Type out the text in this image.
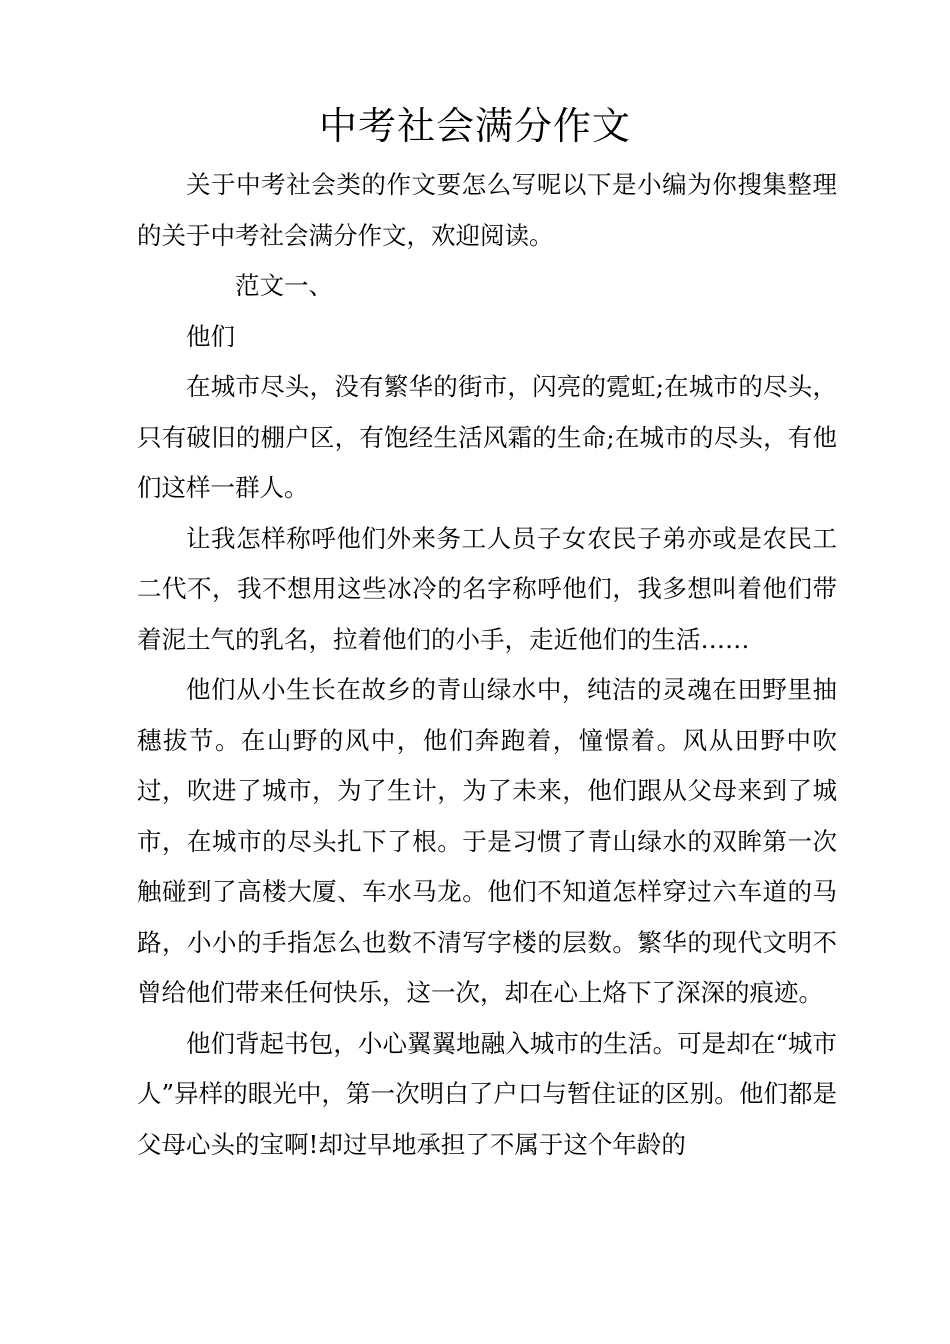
中考社会满分作文

关于中考社会类的作文要怎么写呢以下是小编为你搜集整理的关于中考社会满分作文，欢迎阅读。

范文一、

他们

在城市尽头，没有繁华的街市，闪亮的霓虹;在城市的尽头，只有破旧的棚户区，有饱经生活风霜的生命;在城市的尽头，有他们这样一群人。

让我怎样称呼他们外来务工人员子女农民子弟亦或是农民工二代不，我不想用这些冰冷的名字称呼他们，我多想叫着他们带着泥土气的乳名，拉着他们的小手，走近他们的生活……

他们从小生长在故乡的青山绿水中，纯洁的灵魂在田野里抽穗拔节。在山野的风中，他们奔跑着，憧憬着。风从田野中吹过，吹进了城市，为了生计，为了未来，他们跟从父母来到了城市，在城市的尽头扎下了根。于是习惯了青山绿水的双眸第一次触碰到了高楼大厦、车水马龙。他们不知道怎样穿过六车道的马路，小小的手指怎么也数不清写字楼的层数。繁华的现代文明不曾给他们带来任何快乐，这一次，却在心上烙下了深深的痕迹。

他们背起书包，小心翼翼地融入城市的生活。可是却在“城市人”异样的眼光中，第一次明白了户口与暂住证的区别。他们都是父母心头的宝啊!却过早地承担了不属于这个年龄的
